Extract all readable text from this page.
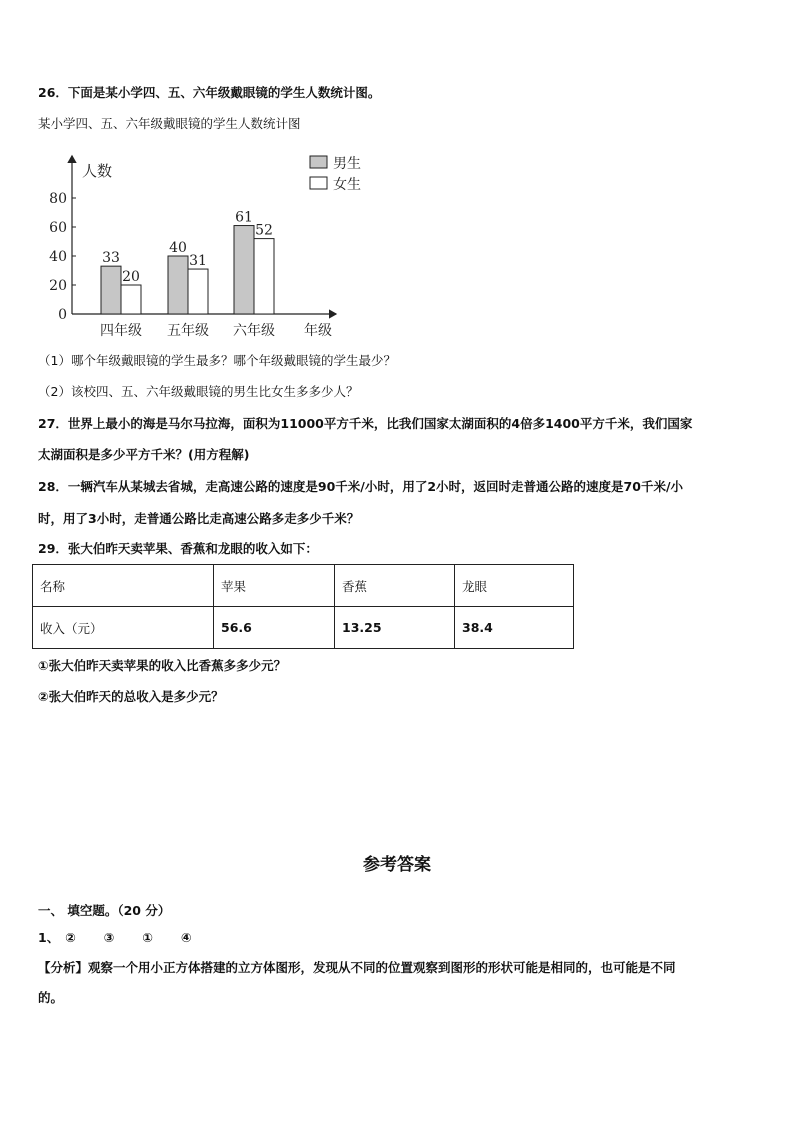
26．下面是某小学四、五、六年级戴眼镜的学生人数统计图。
某小学四、五、六年级戴眼镜的学生人数统计图
人数
年级
0
20
40
60
80
33
20
四年级
40
31
五年级
61
52
六年级
男生
女生
（1）哪个年级戴眼镜的学生最多？哪个年级戴眼镜的学生最少？
（2）该校四、五、六年级戴眼镜的男生比女生多多少人？
27．世界上最小的海是马尔马拉海，面积为11000平方千米，比我们国家太湖面积的4倍多1400平方千米，我们国家
太湖面积是多少平方千米？(用方程解)
28．一辆汽车从某城去省城，走高速公路的速度是90千米/小时，用了2小时，返回时走普通公路的速度是70千米/小
时，用了3小时，走普通公路比走高速公路多走多少千米？
29．张大伯昨天卖苹果、香蕉和龙眼的收入如下：
名称	苹果	香蕉	龙眼
收入（元）	56.6	13.25	38.4
①张大伯昨天卖苹果的收入比香蕉多多少元？
②张大伯昨天的总收入是多少元？
参考答案
一、 填空题。（20 分）
1、 ② ③ ① ④
【分析】观察一个用小正方体搭建的立方体图形，发现从不同的位置观察到图形的形状可能是相同的，也可能是不同
的。
